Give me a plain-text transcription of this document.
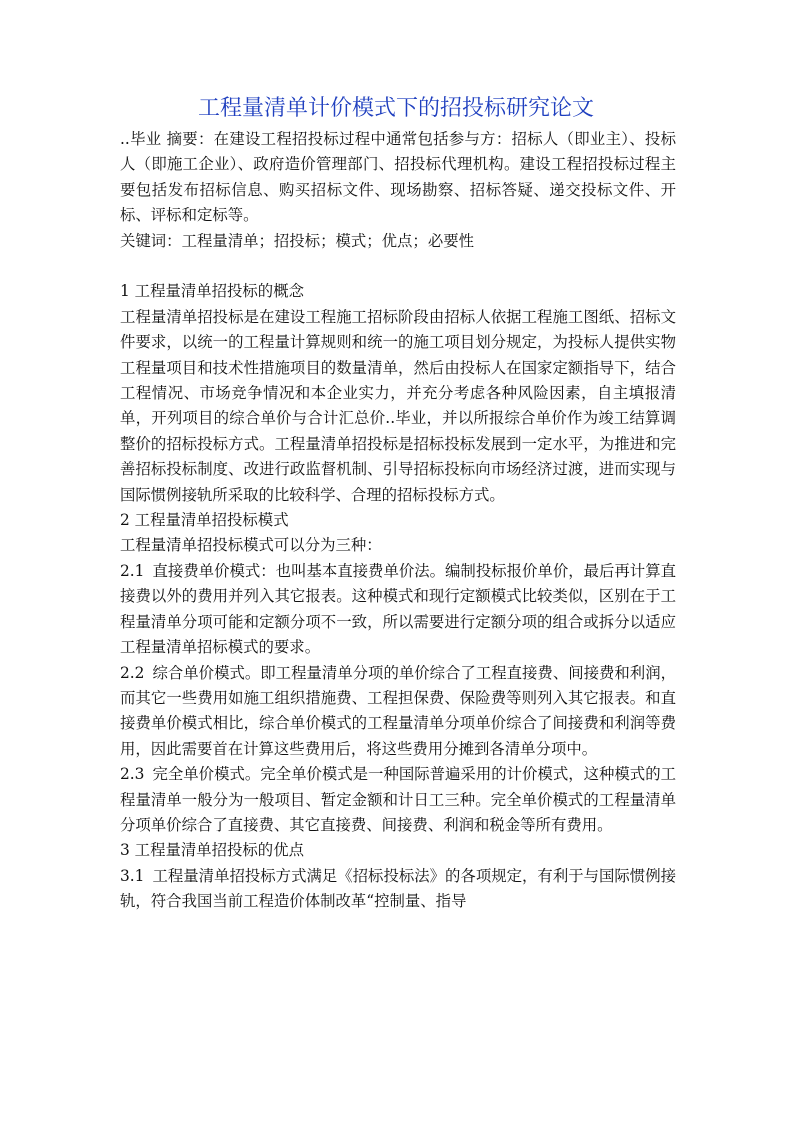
工程量清单计价模式下的招投标研究论文

..毕业 摘要：在建设工程招投标过程中通常包括参与方：招标人（即业主）、投标人（即施工企业）、政府造价管理部门、招投标代理机构。建设工程招投标过程主要包括发布招标信息、购买招标文件、现场勘察、招标答疑、递交投标文件、开标、评标和定标等。

关键词：工程量清单；招投标；模式；优点；必要性

1 工程量清单招投标的概念

工程量清单招投标是在建设工程施工招标阶段由招标人依据工程施工图纸、招标文件要求，以统一的工程量计算规则和统一的施工项目划分规定，为投标人提供实物工程量项目和技术性措施项目的数量清单，然后由投标人在国家定额指导下，结合工程情况、市场竞争情况和本企业实力，并充分考虑各种风险因素，自主填报清单，开列项目的综合单价与合计汇总价..毕业，并以所报综合单价作为竣工结算调整价的招标投标方式。工程量清单招投标是招标投标发展到一定水平，为推进和完善招标投标制度、改进行政监督机制、引导招标投标向市场经济过渡，进而实现与国际惯例接轨所采取的比较科学、合理的招标投标方式。

2 工程量清单招投标模式

工程量清单招投标模式可以分为三种：

2.1 直接费单价模式：也叫基本直接费单价法。编制投标报价单价，最后再计算直接费以外的费用并列入其它报表。这种模式和现行定额模式比较类似，区别在于工程量清单分项可能和定额分项不一致，所以需要进行定额分项的组合或拆分以适应工程量清单招标模式的要求。

2.2 综合单价模式。即工程量清单分项的单价综合了工程直接费、间接费和利润，而其它一些费用如施工组织措施费、工程担保费、保险费等则列入其它报表。和直接费单价模式相比，综合单价模式的工程量清单分项单价综合了间接费和利润等费用，因此需要首在计算这些费用后，将这些费用分摊到各清单分项中。

2.3 完全单价模式。完全单价模式是一种国际普遍采用的计价模式，这种模式的工程量清单一般分为一般项目、暂定金额和计日工三种。完全单价模式的工程量清单分项单价综合了直接费、其它直接费、间接费、利润和税金等所有费用。

3 工程量清单招投标的优点

3.1 工程量清单招投标方式满足《招标投标法》的各项规定，有利于与国际惯例接轨，符合我国当前工程造价体制改革“控制量、指导
